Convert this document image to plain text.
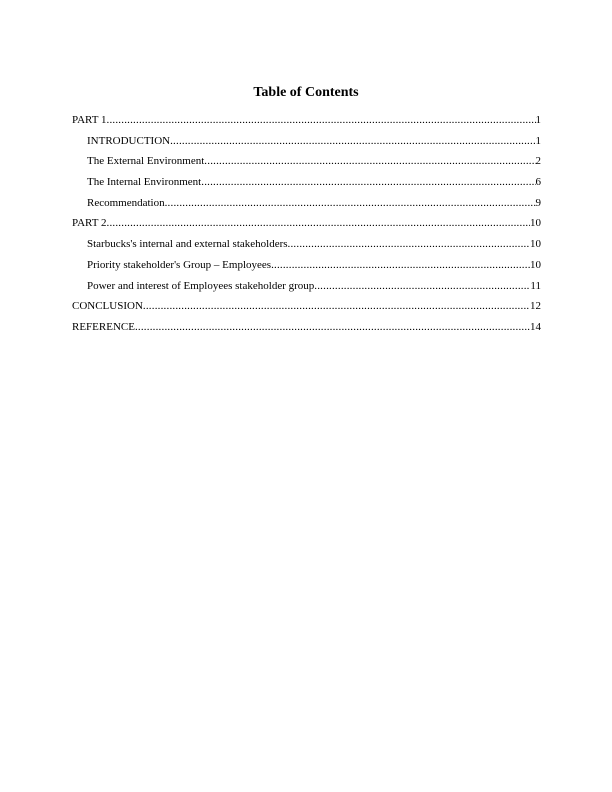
Table of Contents
PART 1 .....	1
INTRODUCTION .....	1
The External Environment .....	2
The Internal Environment .....	6
Recommendation .....	9
PART 2 .....	10
Starbucks's internal and external stakeholders .....	10
Priority stakeholder's Group – Employees .....	10
Power and interest of Employees stakeholder group .....	11
CONCLUSION .....	12
REFERENCE .....	14
